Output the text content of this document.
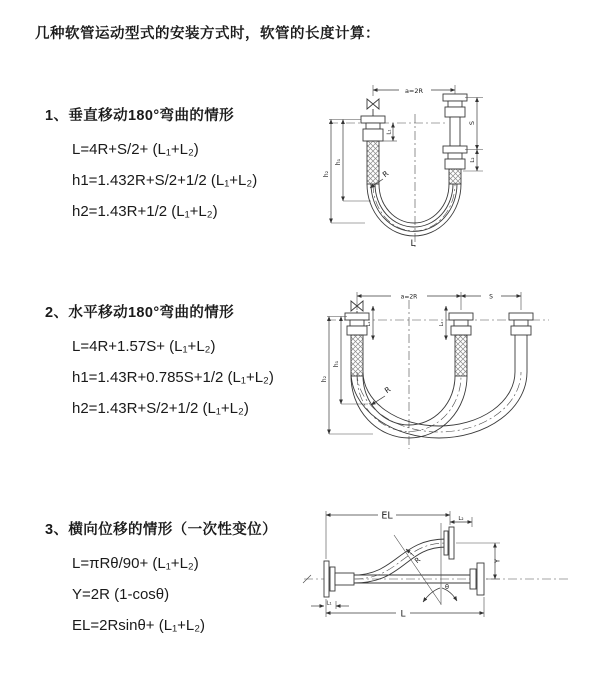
几种软管运动型式的安装方式时，软管的长度计算：
1、垂直移动180°弯曲的情形
L=4R+S/2+ (L₁+L₂)
h1=1.432R+S/2+1/2 (L₁+L₂)
h2=1.43R+1/2 (L₁+L₂)
2、水平移动180°弯曲的情形
L=4R+1.57S+ (L₁+L₂)
h1=1.43R+0.785S+1/2 (L₁+L₂)
h2=1.43R+S/2+1/2 (L₁+L₂)
3、横向位移的情形（一次性变位）
L=πRθ/90+ (L₁+L₂)
Y=2R (1-cosθ)
EL=2Rsinθ+ (L₁+L₂)
a=2R
S
L₂
L₁
h₁
h₂	R
L
a=2R	S
L₁	L₂
h₁
h₂
R
EL	L₂
Y
θ
R
L
L₁
